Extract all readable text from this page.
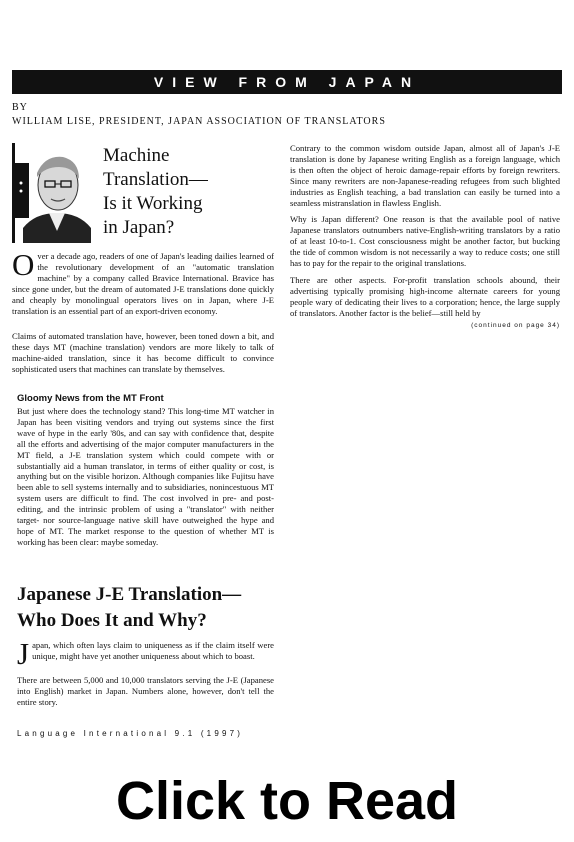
VIEW FROM JAPAN
BY
WILLIAM LISE, PRESIDENT, JAPAN ASSOCIATION OF TRANSLATORS
Machine
Translation—
Is it Working
in Japan?

Over a decade ago, readers of one of Japan's leading dailies learned of the revolutionary development of an "automatic translation machine" by a company called Bravice International. Bravice has since gone under, but the dream of automated J-E translations done quickly and cheaply by monolingual operators lives on in Japan, where J-E translation is an essential part of an export-driven economy.

Claims of automated translation have, however, been toned down a bit, and these days MT (machine translation) vendors are more likely to talk of machine-aided translation, since it has become difficult to convince sophisticated users that machines can translate by themselves.

Gloomy News from the MT Front

But just where does the technology stand? This long-time MT watcher in Japan has been visiting vendors and trying out systems since the first wave of hype in the early '80s, and can say with confidence that, despite all the efforts and advertising of the major computer manufacturers in the MT field, a J-E translation system which could compete with or substantially aid a human translator, in terms of either quality or cost, is anything but on the visible horizon. Although companies like Fujitsu have been able to sell systems internally and to subsidiaries, nonincestuous MT system users are difficult to find. The cost involved in pre- and post-editing, and the intrinsic problem of using a "translator" with neither target- nor source-language native skill have outweighed the hype and hope of MT. The market response to the question of whether MT is working has been clear: maybe someday.

Japanese J-E Translation—Who Does It and Why?

Japan, which often lays claim to uniqueness as if the claim itself were unique, might have yet another uniqueness about which to boast.

There are between 5,000 and 10,000 translators serving the J-E (Japanese into English) market in Japan. Numbers alone, however, don't tell the entire story.

Contrary to the common wisdom outside Japan, almost all of Japan's J-E translation is done by Japanese writing English as a foreign language, which is then often the object of heroic damage-repair efforts by foreign rewriters. Since many rewriters are non-Japanese-reading refugees from such blighted industries as English teaching, a bad translation can easily be turned into a seamless mistranslation in flawless English.

Why is Japan different? One reason is that the available pool of native Japanese translators outnumbers native-English-writing translators by a ratio of at least 10-to-1. Cost consciousness might be another factor, but bucking the tide of common wisdom is not necessarily a way to reduce costs; one still has to pay for the repair to the original translations.

There are other aspects. For-profit translation schools abound, their advertising typically promising high-income alternate careers for young people wary of dedicating their lives to a corporation; hence, the large supply of translators. Another factor is the belief—still held by
(continued on page 34)

Language International 9.1 (1997)
Click to Read
